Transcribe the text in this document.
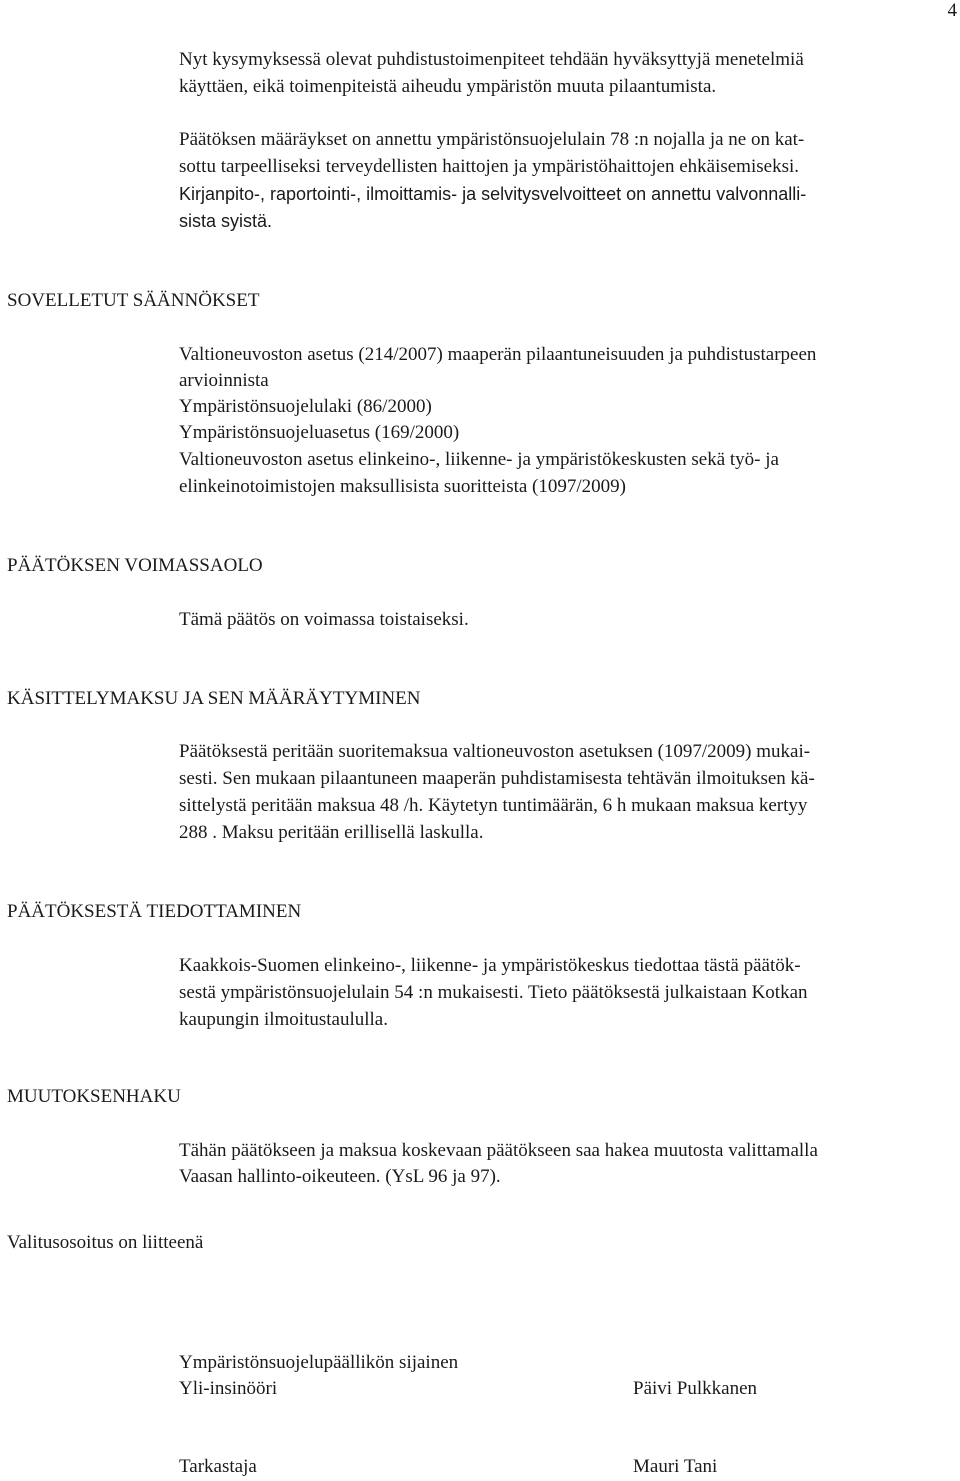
4
Nyt kysymyksessä olevat puhdistustoimenpiteet tehdään hyväksyttyjä menetelmiä
käyttäen, eikä toimenpiteistä aiheudu ympäristön muuta pilaantumista.
Päätöksen määräykset on annettu ympäristönsuojelulain 78 :n nojalla ja ne on kat-
sottu tarpeelliseksi terveydellisten haittojen ja ympäristöhaittojen ehkäisemiseksi.
Kirjanpito-, raportointi-, ilmoittamis- ja selvitysvelvoitteet on annettu valvonnalli-
sista syistä.
SOVELLETUT SÄÄNNÖKSET
Valtioneuvoston asetus (214/2007) maaperän pilaantuneisuuden ja puhdistustarpeen
arvioinnista
Ympäristönsuojelulaki (86/2000)
Ympäristönsuojeluasetus (169/2000)
Valtioneuvoston asetus elinkeino-, liikenne- ja ympäristökeskusten sekä työ- ja
elinkeinotoimistojen maksullisista suoritteista (1097/2009)
PÄÄTÖKSEN VOIMASSAOLO
Tämä päätös on voimassa toistaiseksi.
KÄSITTELYMAKSU JA SEN MÄÄRÄYTYMINEN
Päätöksestä peritään suoritemaksua valtioneuvoston asetuksen (1097/2009) mukai-
sesti. Sen mukaan pilaantuneen maaperän puhdistamisesta tehtävän ilmoituksen kä-
sittelystä peritään maksua 48 /h. Käytetyn tuntimäärän, 6 h mukaan maksua kertyy
288 . Maksu peritään erillisellä laskulla.
PÄÄTÖKSESTÄ TIEDOTTAMINEN
Kaakkois-Suomen elinkeino-, liikenne- ja ympäristökeskus tiedottaa tästä päätök-
sestä ympäristönsuojelulain 54 :n mukaisesti. Tieto päätöksestä julkaistaan Kotkan
kaupungin ilmoitustaululla.
MUUTOKSENHAKU
Tähän päätökseen ja maksua koskevaan päätökseen saa hakea muutosta valittamalla
Vaasan hallinto-oikeuteen. (YsL 96 ja 97).
Valitusosoitus on liitteenä
Ympäristönsuojelupäällikön sijainen
Yli-insinööri	Päivi Pulkkanen
Tarkastaja	Mauri Tani
